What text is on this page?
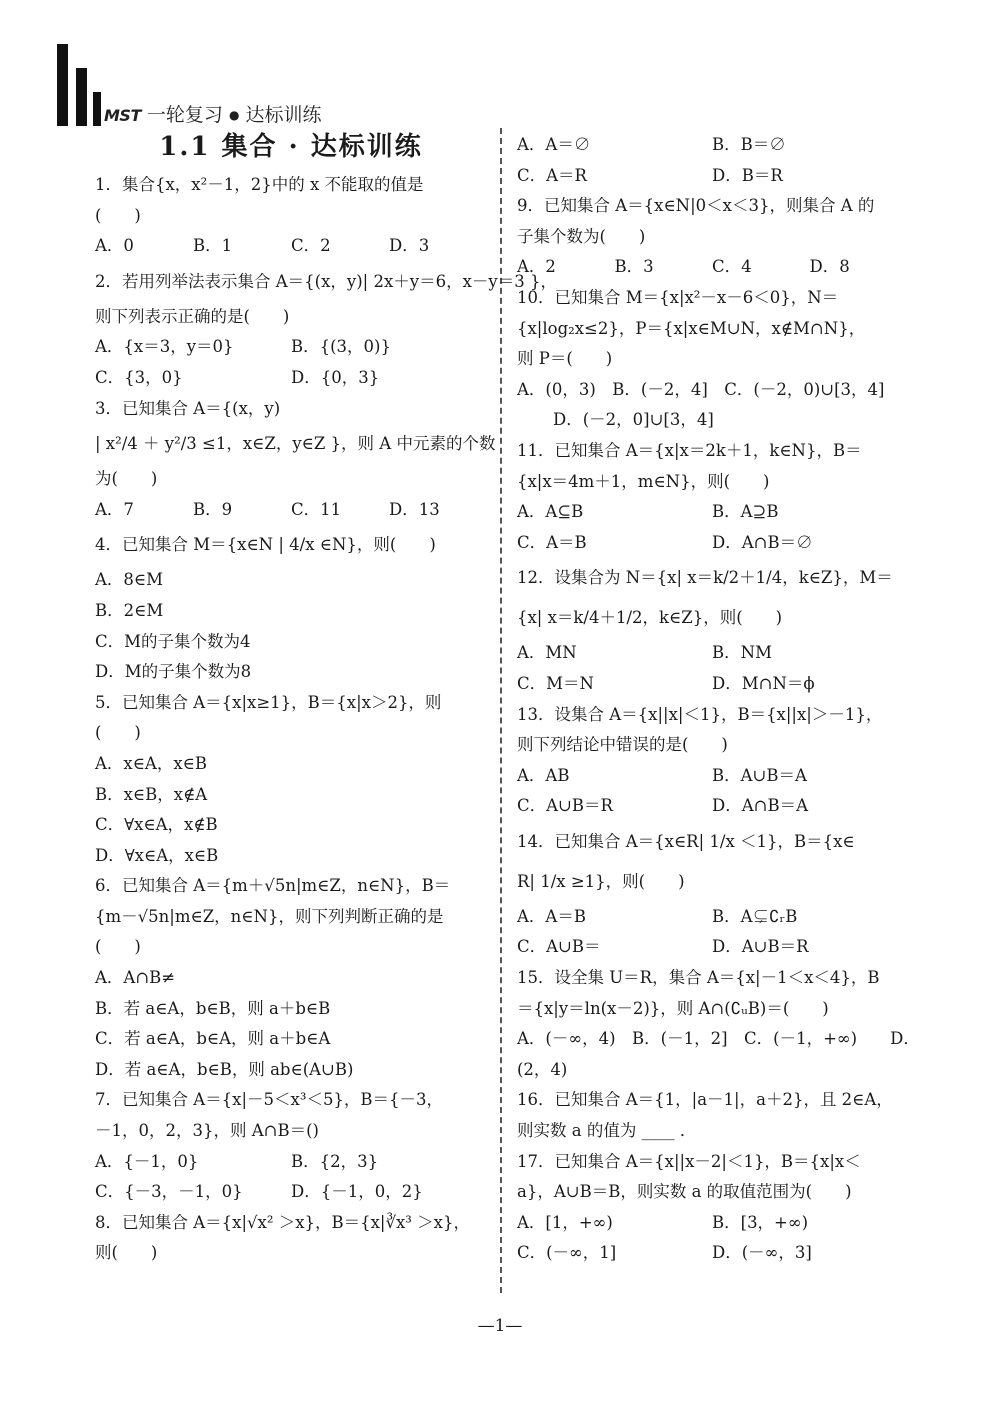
MST 一轮复习 ● 达标训练
1.1 集合 · 达标训练
1．集合{x，x²－1，2}中的 x 不能取的值是
(　　)
A．0	B．1	C．2	D．3
2．若用列举法表示集合 A＝{(x，y)| 2x＋y＝6，x－y＝3 }，
则下列表示正确的是(　　)
A．{x＝3，y＝0}	B．{(3，0)}
C．{3，0}	D．{0，3}
3．已知集合 A＝{(x，y)
| x²/4 ＋ y²/3 ≤1，x∈Z，y∈Z }，则 A 中元素的个数
为(　　)
A．7	B．9	C．11	D．13
4．已知集合 M＝{x∈N | 4/x ∈N}，则(　　)
A．8∈M
B．2∈M
C．M的子集个数为4
D．M的子集个数为8
5．已知集合 A＝{x|x≥1}，B＝{x|x＞2}，则
(　　)
A．x∈A，x∈B
B．x∈B，x∉A
C．∀x∈A，x∉B
D．∀x∈A，x∈B
6．已知集合 A＝{m＋√5n|m∈Z，n∈N}，B＝
{m－√5n|m∈Z，n∈N}，则下列判断正确的是
(　　)
A．A∩B≠
B．若 a∈A，b∈B，则 a＋b∈B
C．若 a∈A，b∈A，则 a＋b∈A
D．若 a∈A，b∈B，则 ab∈(A∪B)
7．已知集合 A＝{x|－5＜x³＜5}，B＝{－3，
－1，0，2，3}，则 A∩B＝()
A．{－1，0}	B．{2，3}
C．{－3，－1，0}	D．{－1，0，2}
8．已知集合 A＝{x|√x² ＞x}，B＝{x|∛x³ ＞x}，
则(　　)
A．A＝∅	B．B＝∅
C．A＝R	D．B＝R
9．已知集合 A＝{x∈N|0＜x＜3}，则集合 A 的
子集个数为(　　)
A．2	B．3	C．4	D．8
10．已知集合 M＝{x|x²－x－6＜0}，N＝
{x|log₂x≤2}，P＝{x|x∈M∪N，x∉M∩N}，
则 P＝(　　)
A．(0，3)　B．(－2，4]　C．(－2，0)∪[3，4]
D．(－2，0]∪[3，4]
11．已知集合 A＝{x|x＝2k＋1，k∈N}，B＝
{x|x＝4m＋1，m∈N}，则(　　)
A．A⊆B	B．A⊇B
C．A＝B	D．A∩B＝∅
12．设集合为 N＝{x| x＝k/2＋1/4，k∈Z}，M＝
{x| x＝k/4＋1/2，k∈Z}，则(　　)
A．MN	B．NM
C．M＝N	D．M∩N＝ϕ
13．设集合 A＝{x||x|＜1}，B＝{x||x|＞－1}，
则下列结论中错误的是(　　)
A．AB	B．A∪B＝A
C．A∪B＝R	D．A∩B＝A
14．已知集合 A＝{x∈R| 1/x ＜1}，B＝{x∈
R| 1/x ≥1}，则(　　)
A．A＝B	B．A⊊∁ᵣB
C．A∪B＝	D．A∪B＝R
15．设全集 U＝R，集合 A＝{x|－1＜x＜4}，B
＝{x|y＝ln(x－2)}，则 A∩(∁ᵤB)＝(　　)
A．(－∞，4)　B．(－1，2]　C．(－1，+∞)　　D．
(2，4)
16．已知集合 A＝{1，|a－1|，a＋2}，且 2∈A，
则实数 a 的值为 ____ ．
17．已知集合 A＝{x||x－2|＜1}，B＝{x|x＜
a}，A∪B＝B，则实数 a 的取值范围为(　　)
A．[1，+∞)	B．[3，+∞)
C．(－∞，1]	D．(－∞，3]
—1—
